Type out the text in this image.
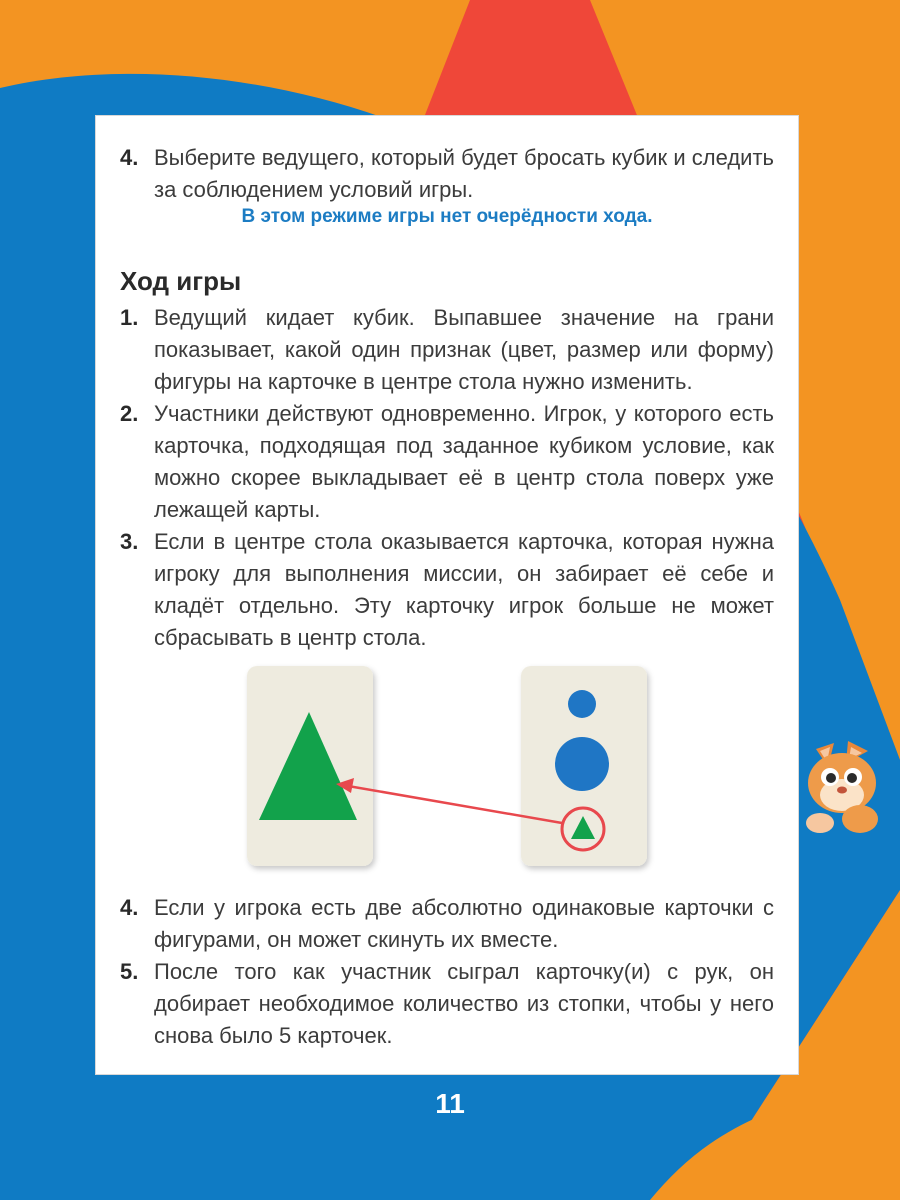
4. Выберите ведущего, который будет бросать кубик и следить за соблюдением условий игры.
В этом режиме игры нет очерёдности хода.
Ход игры
1. Ведущий кидает кубик. Выпавшее значение на грани показывает, какой один признак (цвет, размер или форму) фигуры на карточке в центре стола нужно изменить.
2. Участники действуют одновременно. Игрок, у которого есть карточка, подходящая под заданное кубиком условие, как можно скорее выкладывает её в центр стола поверх уже лежащей карты.
3. Если в центре стола оказывается карточка, которая нужна игроку для выполнения миссии, он забирает её себе и кладёт отдельно. Эту карточку игрок больше не может сбрасывать в центр стола.
4. Если у игрока есть две абсолютно одинаковые карточки с фигурами, он может скинуть их вместе.
5. После того как участник сыграл карточку(и) с рук, он добирает необходимое количество из стопки, чтобы у него снова было 5 карточек.
11
